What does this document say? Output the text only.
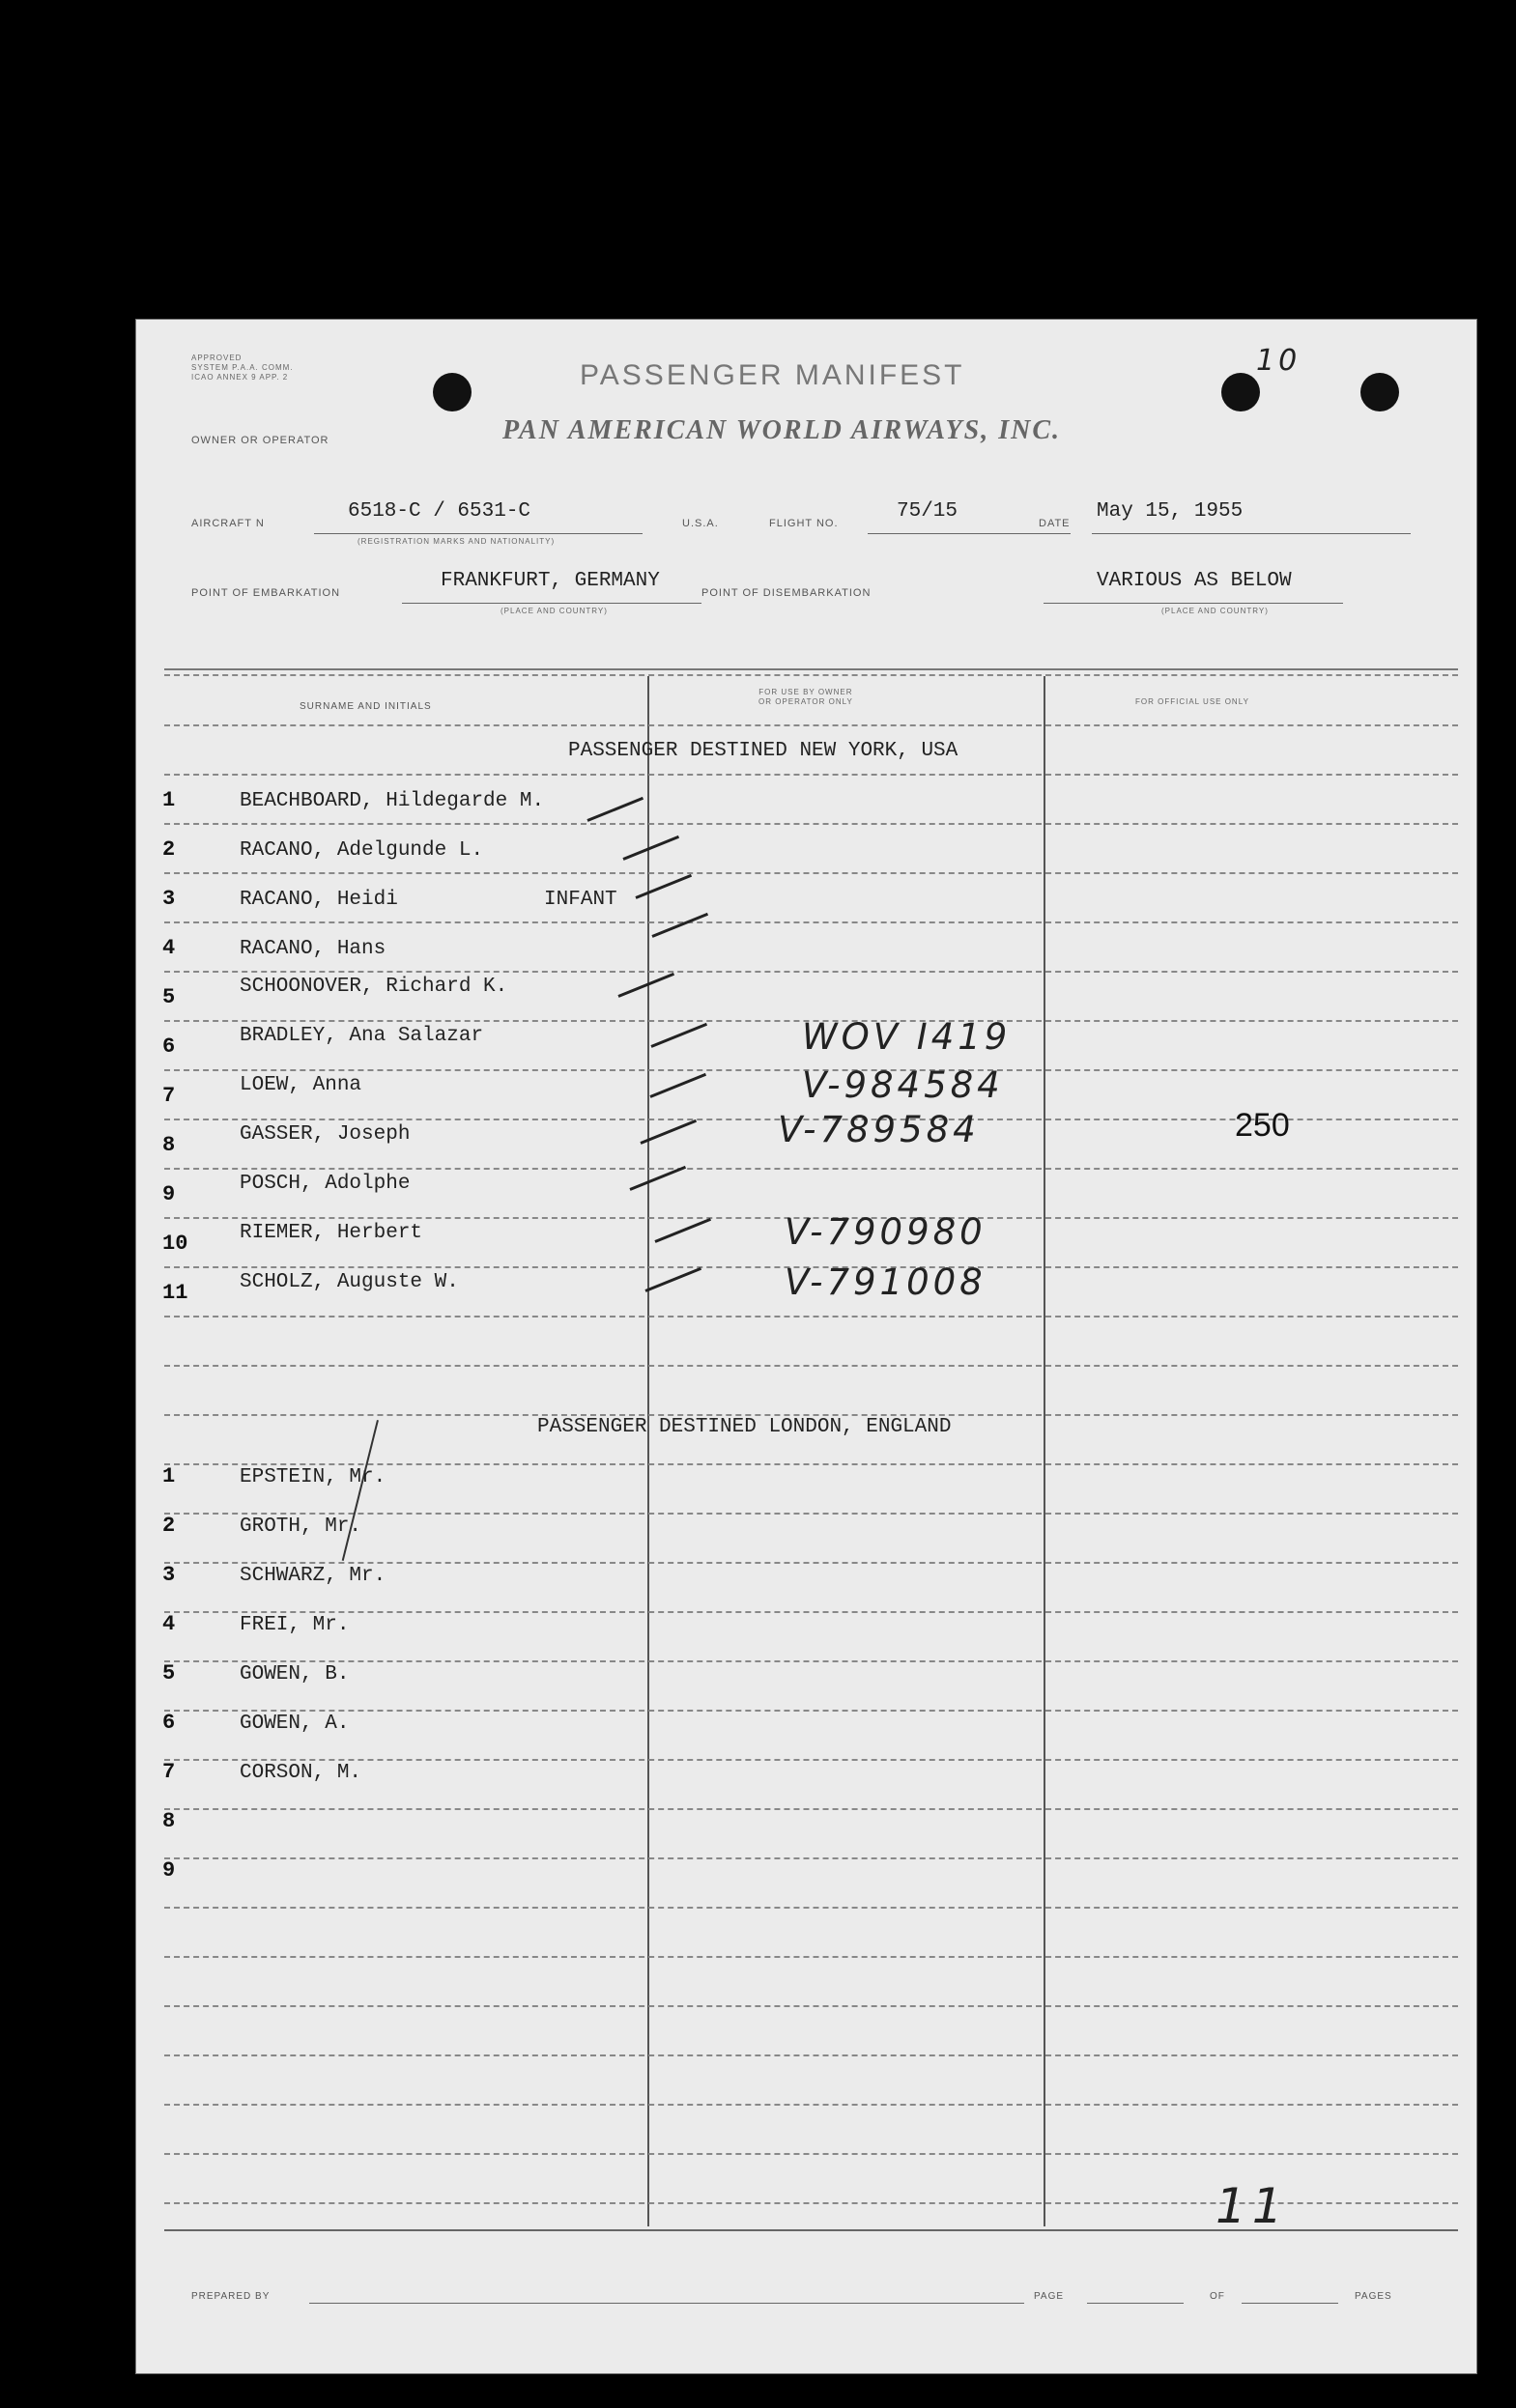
APPROVED
SYSTEM P.A.A. COMM.
ICAO ANNEX 9 APP. 2	PASSENGER MANIFEST	10
PAN AMERICAN WORLD AIRWAYS, INC.
OWNER OR OPERATOR
AIRCRAFT N
6518-C / 6531-C
(REGISTRATION MARKS AND NATIONALITY)
U.S.A.	FLIGHT NO.
75/15
DATE
May 15, 1955
POINT OF EMBARKATION
FRANKFURT, GERMANY
(PLACE AND COUNTRY)
POINT OF DISEMBARKATION
VARIOUS AS BELOW
(PLACE AND COUNTRY)
SURNAME AND INITIALS
FOR USE BY OWNER
OR OPERATOR ONLY	FOR OFFICIAL USE ONLY
PASSENGER DESTINED NEW YORK, USA
1	BEACHBOARD, Hildegarde M.
2	RACANO, Adelgunde L.
3	RACANO, Heidi            INFANT
4	RACANO, Hans
5	SCHOONOVER, Richard K.
6	BRADLEY, Ana Salazar	WOV I419
7	LOEW, Anna	V-984584
8	GASSER, Joseph	V-789584	250
9	POSCH, Adolphe
10	RIEMER, Herbert	V-790980
11	SCHOLZ, Auguste W.	V-791008
PASSENGER DESTINED LONDON, ENGLAND
1	EPSTEIN, Mr.
2	GROTH, Mr.
3	SCHWARZ, Mr.
4	FREI, Mr.
5	GOWEN, B.
6	GOWEN, A.
7	CORSON, M.
8
9
11
PREPARED BY	PAGE	OF	PAGES
